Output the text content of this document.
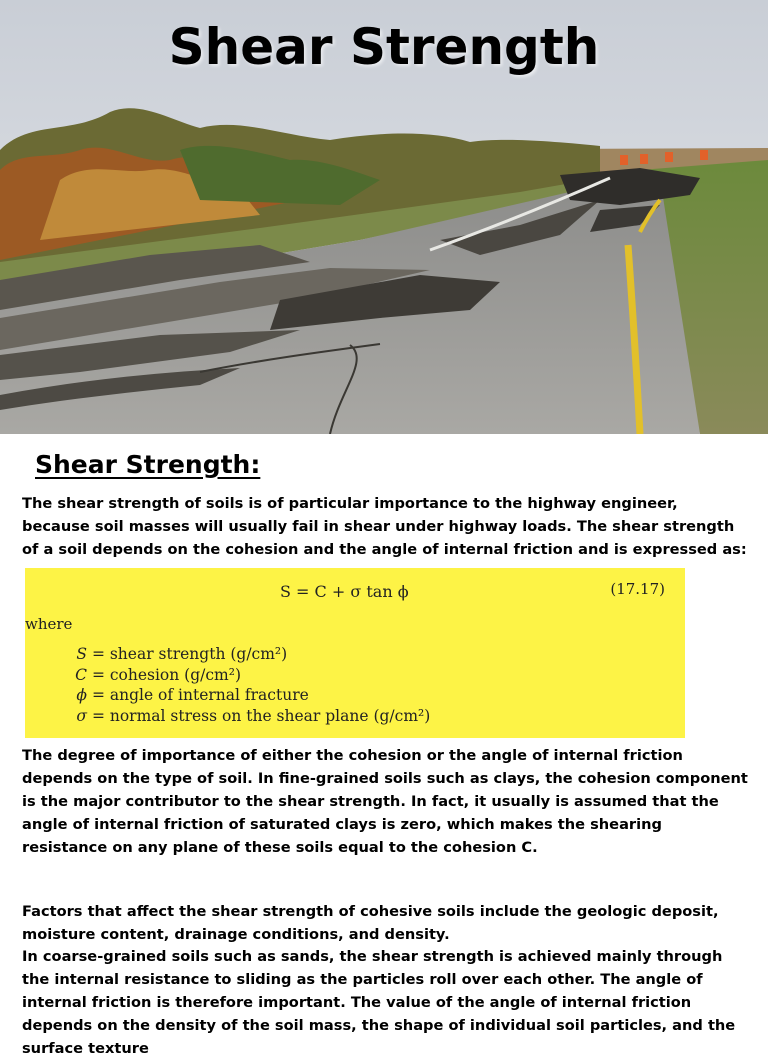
Shear Strength
Shear Strength:

The shear strength of soils is of particular importance to the highway engineer, because soil masses will usually fail in shear under highway loads. The shear strength of a soil depends on the cohesion and the angle of internal friction and is expressed as:

S = C + σ tan ϕ	(17.17)
where
S = shear strength (g/cm²)
C = cohesion (g/cm²)
ϕ = angle of internal fracture
σ = normal stress on the shear plane (g/cm²)

The degree of importance of either the cohesion or the angle of internal friction depends on the type of soil. In fine-grained soils such as clays, the cohesion component is the major contributor to the shear strength. In fact, it usually is assumed that the angle of internal friction of saturated clays is zero, which makes the shearing resistance on any plane of these soils equal to the cohesion C.

Factors that affect the shear strength of cohesive soils include the geologic deposit, moisture content, drainage conditions, and density.

In coarse-grained soils such as sands, the shear strength is achieved mainly through the internal resistance to sliding as the particles roll over each other. The angle of internal friction is therefore important. The value of the angle of internal friction depends on the density of the soil mass, the shape of individual soil particles, and the surface texture
